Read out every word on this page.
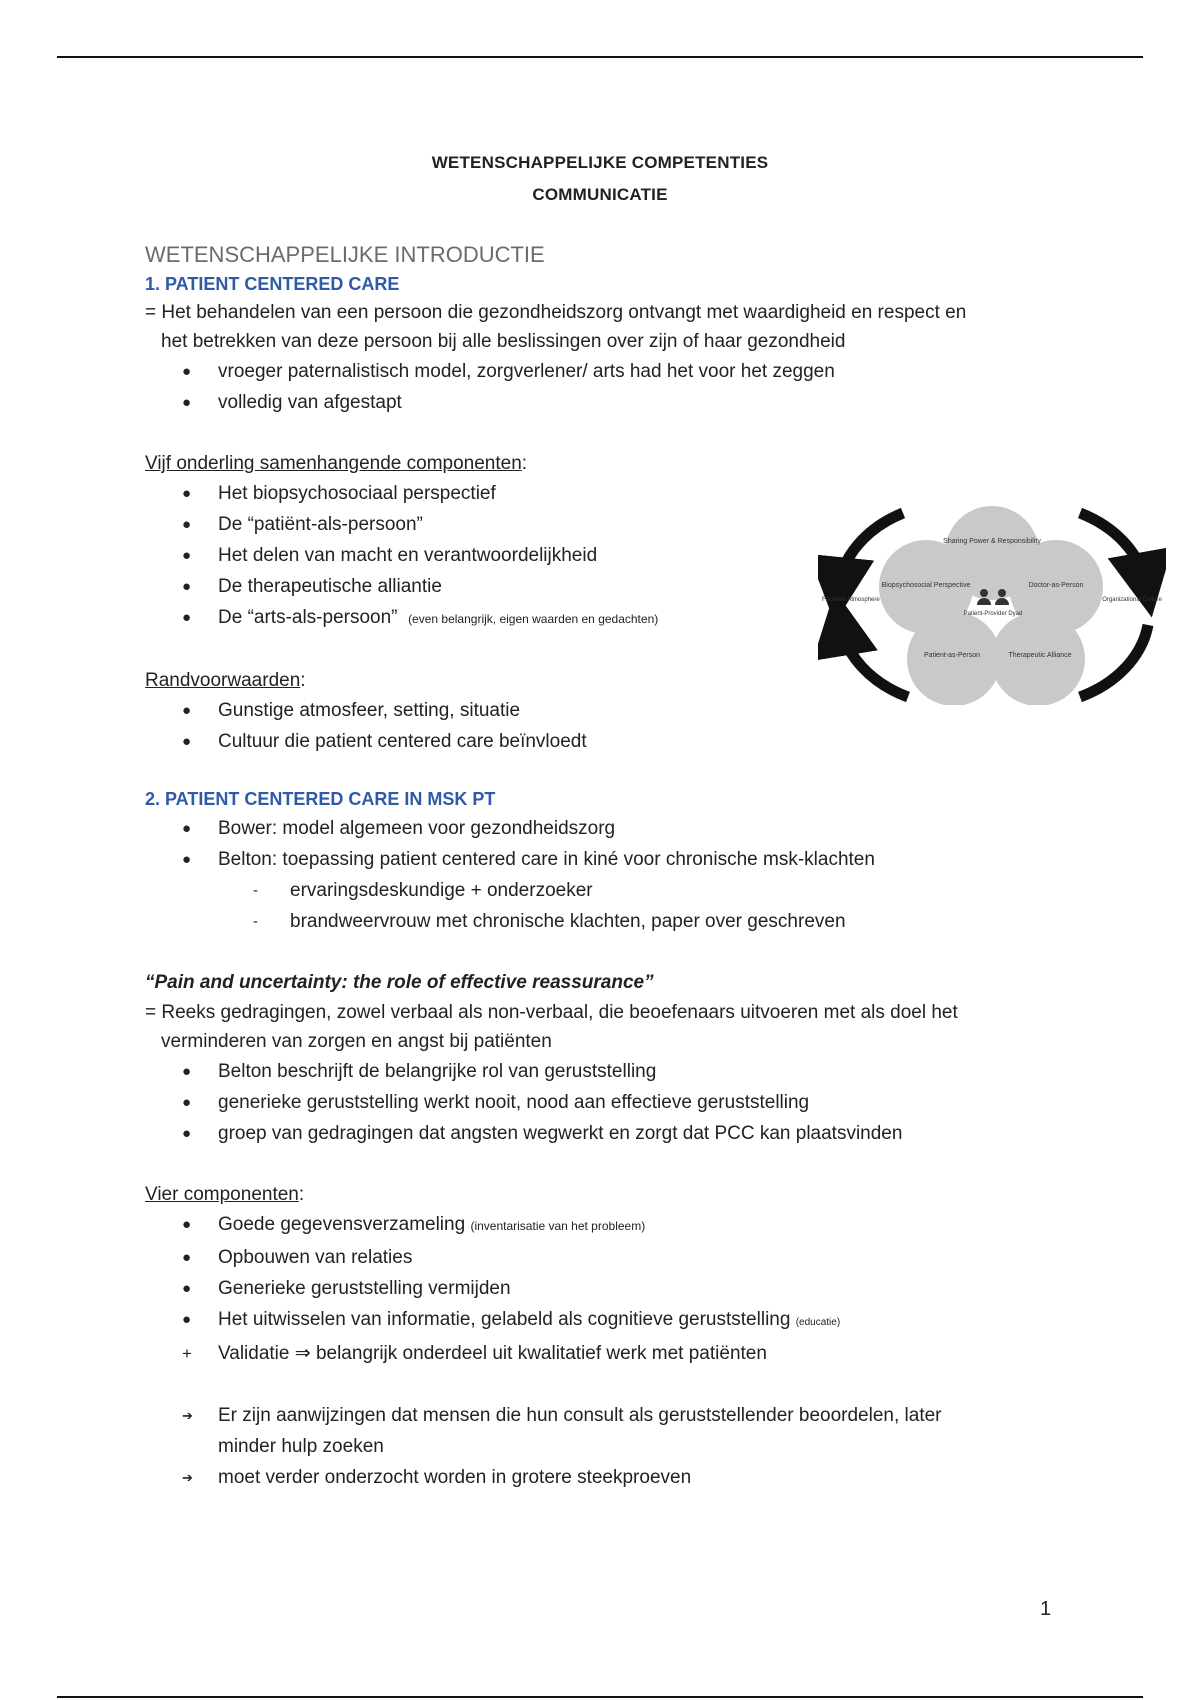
WETENSCHAPPELIJKE COMPETENTIES
COMMUNICATIE
WETENSCHAPPELIJKE INTRODUCTIE
1. PATIENT CENTERED CARE
= Het behandelen van een persoon die gezondheidszorg ontvangt met waardigheid en respect en
het betrekken van deze persoon bij alle beslissingen over zijn of haar gezondheid
●	vroeger paternalistisch model, zorgverlener/ arts had het voor het zeggen
●	volledig van afgestapt
Vijf onderling samenhangende componenten:
●	Het biopsychosociaal perspectief
●	De “patiënt-als-persoon”
●	Het delen van macht en verantwoordelijkheid
●	De therapeutische alliantie
●	De “arts-als-persoon” (even belangrijk, eigen waarden en gedachten)
Randvoorwaarden:
●	Gunstige atmosfeer, setting, situatie
●	Cultuur die patient centered care beïnvloedt
2. PATIENT CENTERED CARE IN MSK PT
●	Bower: model algemeen voor gezondheidszorg
●	Belton: toepassing patient centered care in kiné voor chronische msk-klachten
-	ervaringsdeskundige + onderzoeker
-	brandweervrouw met chronische klachten, paper over geschreven
“Pain and uncertainty: the role of effective reassurance”
= Reeks gedragingen, zowel verbaal als non-verbaal, die beoefenaars uitvoeren met als doel het
verminderen van zorgen en angst bij patiënten
●	Belton beschrijft de belangrijke rol van geruststelling
●	generieke geruststelling werkt nooit, nood aan effectieve geruststelling
●	groep van gedragingen dat angsten wegwerkt en zorgt dat PCC kan plaatsvinden
Vier componenten:
●	Goede gegevensverzameling (inventarisatie van het probleem)
●	Opbouwen van relaties
●	Generieke geruststelling vermijden
●	Het uitwisselen van informatie, gelabeld als cognitieve geruststelling (educatie)
+	Validatie ⇒ belangrijk onderdeel uit kwalitatief werk met patiënten
➔	Er zijn aanwijzingen dat mensen die hun consult als geruststellender beoordelen, later
minder hulp zoeken
➔	moet verder onderzocht worden in grotere steekproeven
Sharing Power & Responsibility
Doctor-as-Person
Therapeutic Alliance
Patient-as-Person
Biopsychosocial Perspective
Patient-Provider Dyad
Facilitate Atmosphere	Organizational Culture
1
